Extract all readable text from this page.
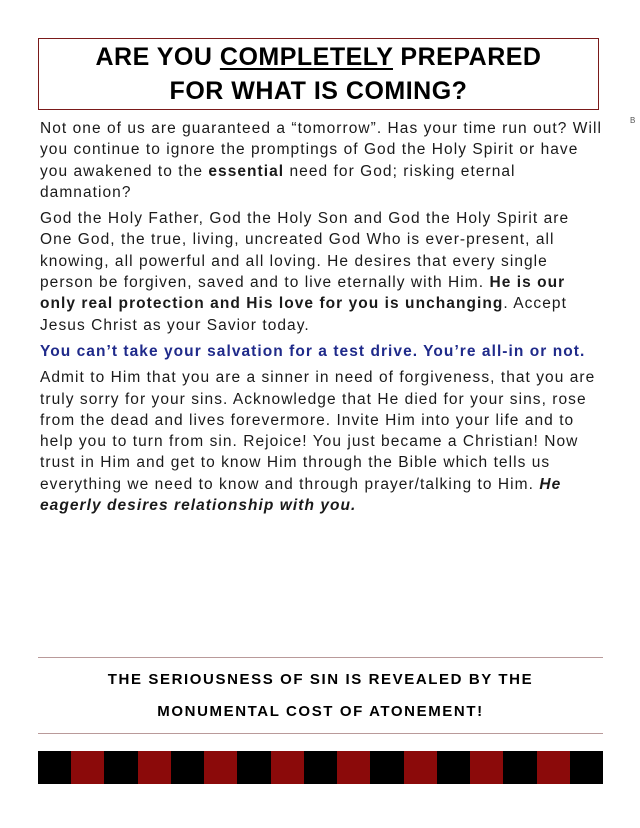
ARE YOU COMPLETELY PREPARED
FOR WHAT IS COMING?
B

Not one of us are guaranteed a “tomorrow”. Has your time run out? Will you continue to ignore the promptings of God the Holy Spirit or have you awakened to the essential need for God; risking eternal damnation?

God the Holy Father, God the Holy Son and God the Holy Spirit are One God, the true, living, uncreated God Who is ever-present, all knowing, all powerful and all loving. He desires that every single person be forgiven, saved and to live eternally with Him. He is our only real protection and His love for you is unchanging. Accept Jesus Christ as your Savior today.

You can’t take your salvation for a test drive. You’re all-in or not.

Admit to Him that you are a sinner in need of forgiveness, that you are truly sorry for your sins. Acknowledge that He died for your sins, rose from the dead and lives forevermore. Invite Him into your life and to help you to turn from sin. Rejoice! You just became a Christian! Now trust in Him and get to know Him through the Bible which tells us everything we need to know and through prayer/talking to Him. He eagerly desires relationship with you.

THE SERIOUSNESS OF SIN IS REVEALED BY THE
MONUMENTAL COST OF ATONEMENT!
